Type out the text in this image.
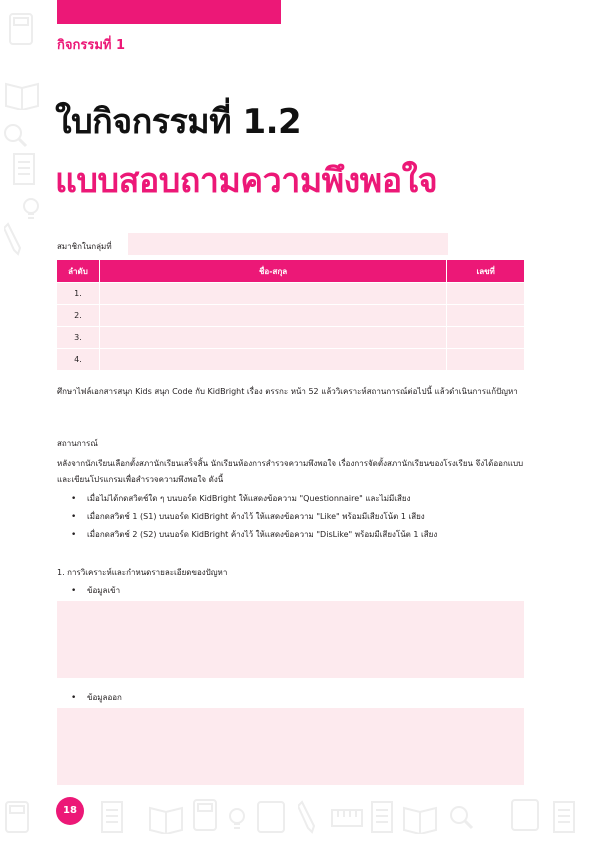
กิจกรรมที่ 1
ใบกิจกรรมที่ 1.2
แบบสอบถามความพึงพอใจ
สมาชิกในกลุ่มที่
ลำดับ	ชื่อ-สกุล	เลขที่
1.		
2.		
3.		
4.		

ศึกษาไฟล์เอกสารสนุก Kids สนุก Code กับ KidBright เรื่อง ตรรกะ หน้า 52 แล้ววิเคราะห์สถานการณ์ต่อไปนี้ แล้วดำเนินการแก้ปัญหา

สถานการณ์

หลังจากนักเรียนเลือกตั้งสภานักเรียนเสร็จสิ้น นักเรียนห้องการสำรวจความพึงพอใจ เรื่องการจัดตั้งสภานักเรียนของโรงเรียน จึงได้ออกแบบและเขียนโปรแกรมเพื่อสำรวจความพึงพอใจ ดังนี้

• เมื่อไม่ได้กดสวิตช์ใด ๆ บนบอร์ด KidBright ให้แสดงข้อความ "Questionnaire" และไม่มีเสียง
• เมื่อกดสวิตช์ 1 (S1) บนบอร์ด KidBright ค้างไว้ ให้แสดงข้อความ "Like" พร้อมมีเสียงโน้ต 1 เสียง
• เมื่อกดสวิตช์ 2 (S2) บนบอร์ด KidBright ค้างไว้ ให้แสดงข้อความ "DisLike" พร้อมมีเสียงโน้ต 1 เสียง

1. การวิเคราะห์และกำหนดรายละเอียดของปัญหา

• ข้อมูลเข้า
• ข้อมูลออก
18
